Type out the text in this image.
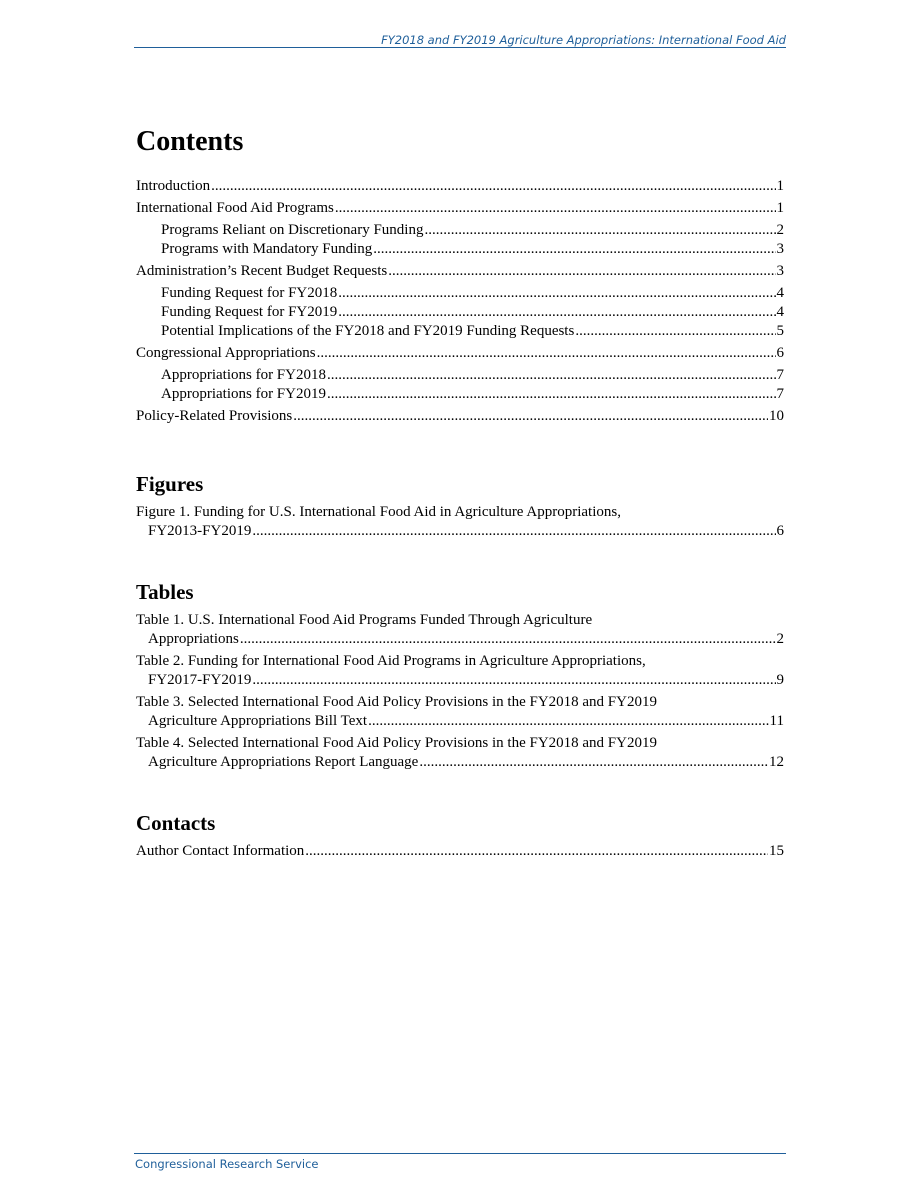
FY2018 and FY2019 Agriculture Appropriations: International Food Aid
Contents
Introduction .....	1
International Food Aid Programs .....	1
Programs Reliant on Discretionary Funding .....	2
Programs with Mandatory Funding .....	3
Administration’s Recent Budget Requests .....	3
Funding Request for FY2018 .....	4
Funding Request for FY2019 .....	4
Potential Implications of the FY2018 and FY2019 Funding Requests .....	5
Congressional Appropriations .....	6
Appropriations for FY2018 .....	7
Appropriations for FY2019 .....	7
Policy-Related Provisions .....	10
Figures
Figure 1. Funding for U.S. International Food Aid in Agriculture Appropriations,
FY2013-FY2019 .....	6
Tables
Table 1. U.S. International Food Aid Programs Funded Through Agriculture
Appropriations .....	2
Table 2. Funding for International Food Aid Programs in Agriculture Appropriations,
FY2017-FY2019 .....	9
Table 3. Selected International Food Aid Policy Provisions in the FY2018 and FY2019
Agriculture Appropriations Bill Text .....	11
Table 4. Selected International Food Aid Policy Provisions in the FY2018 and FY2019
Agriculture Appropriations Report Language .....	12
Contacts
Author Contact Information .....	15
Congressional Research Service
